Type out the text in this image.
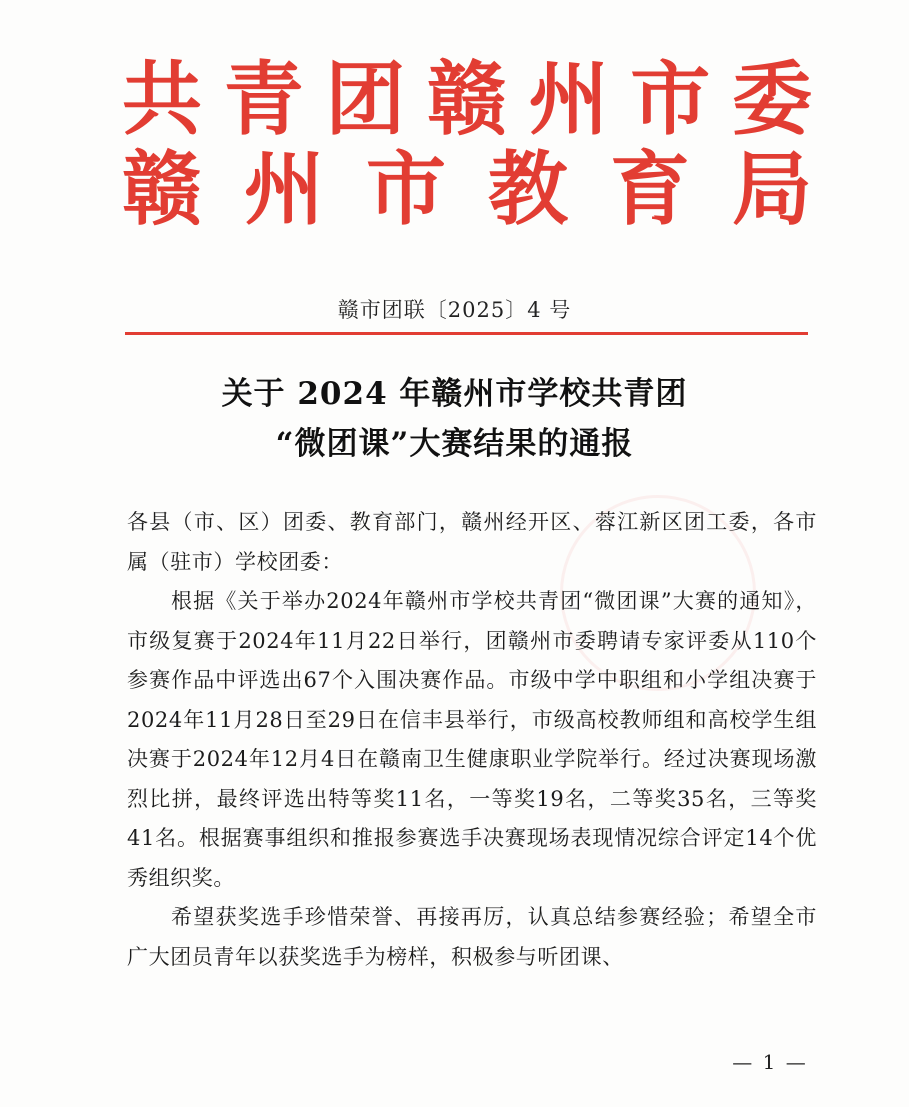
共 青 团 赣 州 市 委
赣 州 市 教 育 局
赣市团联〔2025〕4 号
关于 2024 年赣州市学校共青团
“微团课”大赛结果的通报

各县（市、区）团委、教育部门，赣州经开区、蓉江新区团工委，各市属（驻市）学校团委：

根据《关于举办2024年赣州市学校共青团“微团课”大赛的通知》，市级复赛于2024年11月22日举行，团赣州市委聘请专家评委从110个参赛作品中评选出67个入围决赛作品。市级中学中职组和小学组决赛于2024年11月28日至29日在信丰县举行，市级高校教师组和高校学生组决赛于2024年12月4日在赣南卫生健康职业学院举行。经过决赛现场激烈比拼，最终评选出特等奖11名，一等奖19名，二等奖35名，三等奖41名。根据赛事组织和推报参赛选手决赛现场表现情况综合评定14个优秀组织奖。

希望获奖选手珍惜荣誉、再接再厉，认真总结参赛经验；希望全市广大团员青年以获奖选手为榜样，积极参与听团课、

— 1 —
